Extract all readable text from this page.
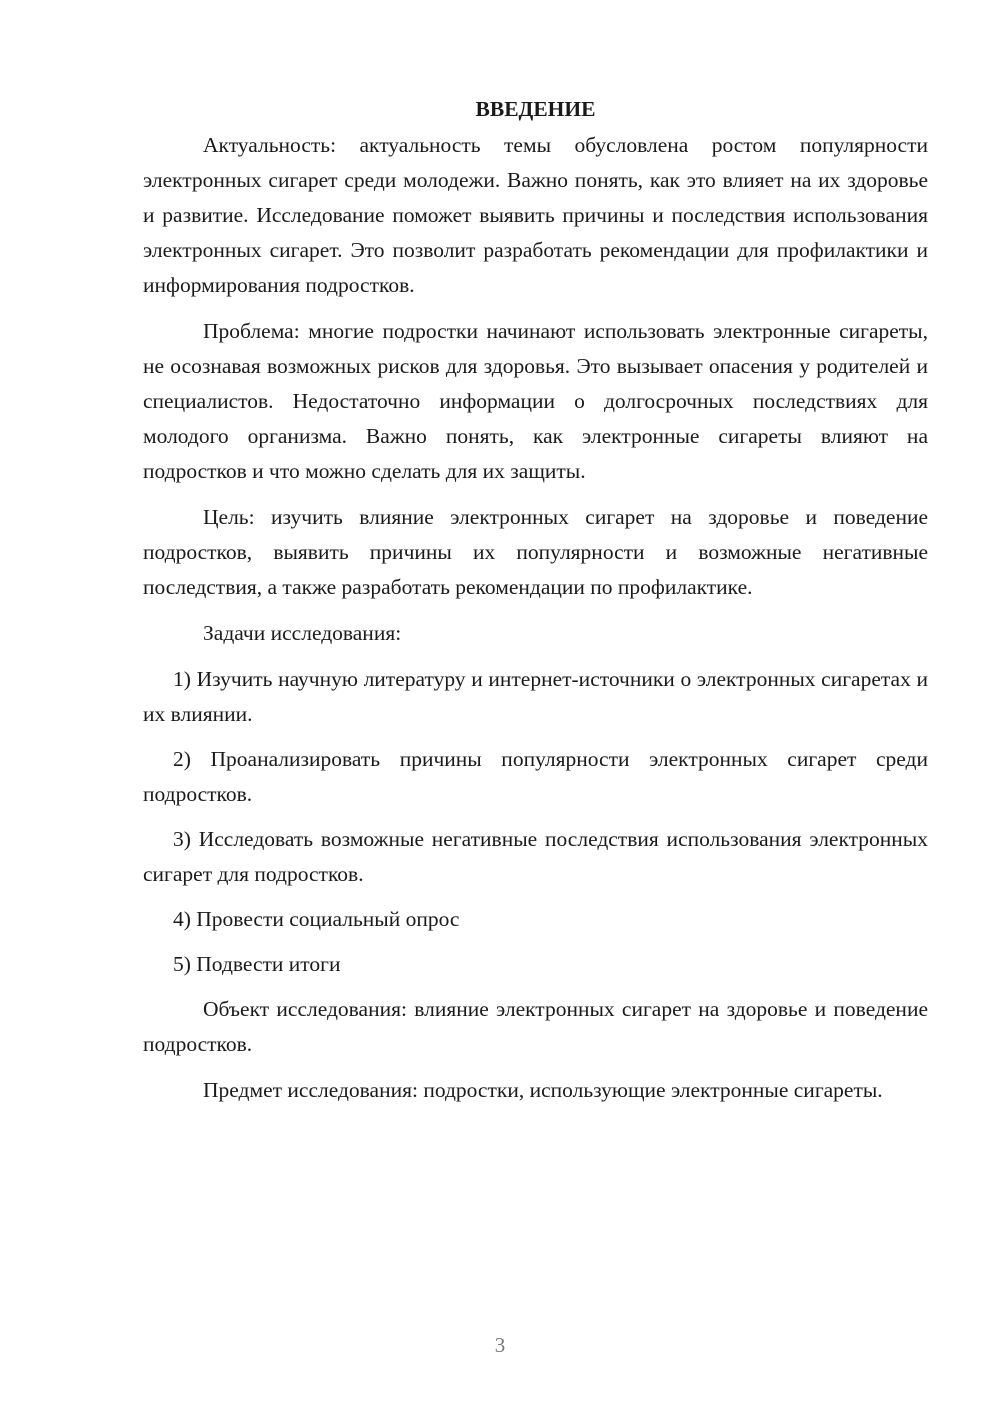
ВВЕДЕНИЕ

Актуальность: актуальность темы обусловлена ростом популярности электронных сигарет среди молодежи. Важно понять, как это влияет на их здоровье и развитие. Исследование поможет выявить причины и последствия использования электронных сигарет. Это позволит разработать рекомендации для профилактики и информирования подростков.

Проблема: многие подростки начинают использовать электронные сигареты, не осознавая возможных рисков для здоровья. Это вызывает опасения у родителей и специалистов. Недостаточно информации о долгосрочных последствиях для молодого организма. Важно понять, как электронные сигареты влияют на подростков и что можно сделать для их защиты.

Цель: изучить влияние электронных сигарет на здоровье и поведение подростков, выявить причины их популярности и возможные негативные последствия, а также разработать рекомендации по профилактике.

Задачи исследования:

1) Изучить научную литературу и интернет-источники о электронных сигаретах и их влиянии.

2) Проанализировать причины популярности электронных сигарет среди подростков.

3) Исследовать возможные негативные последствия использования электронных сигарет для подростков.

4) Провести социальный опрос

5) Подвести итоги

Объект исследования: влияние электронных сигарет на здоровье и поведение подростков.

Предмет исследования: подростки, использующие электронные сигареты.

3
